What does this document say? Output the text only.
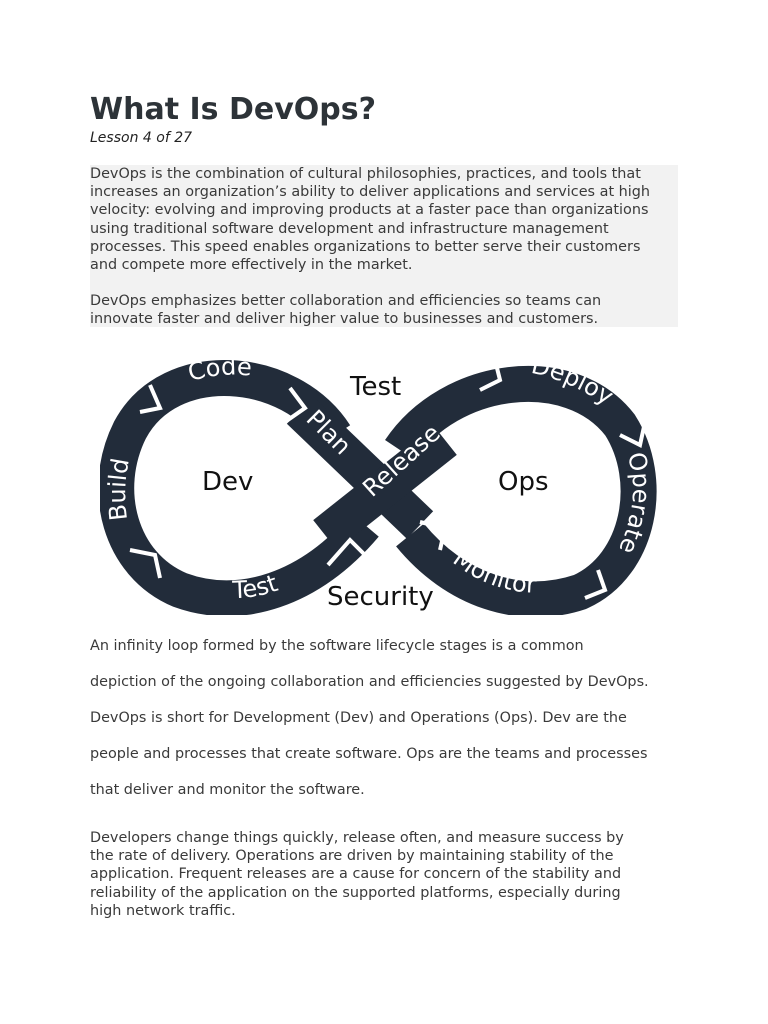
What Is DevOps?
Lesson 4 of 27

DevOps is the combination of cultural philosophies, practices, and tools that
increases an organization’s ability to deliver applications and services at high
velocity: evolving and improving products at a faster pace than organizations
using traditional software development and infrastructure management
processes. This speed enables organizations to better serve their customers
and compete more effectively in the market.

DevOps emphasizes better collaboration and efficiencies so teams can
innovate faster and deliver higher value to businesses and customers.

An infinity loop formed by the software lifecycle stages is a common
depiction of the ongoing collaboration and efficiencies suggested by DevOps.
DevOps is short for Development (Dev) and Operations (Ops). Dev are the
people and processes that create software. Ops are the teams and processes
that deliver and monitor the software.

Developers change things quickly, release often, and measure success by
the rate of delivery. Operations are driven by maintaining stability of the
application. Frequent releases are a cause for concern of the stability and
reliability of the application on the supported platforms, especially during
high network traffic.

Code
Build
Test
Deploy
Operate
Monitor
Plan Release
Dev	Ops
Test
Security
